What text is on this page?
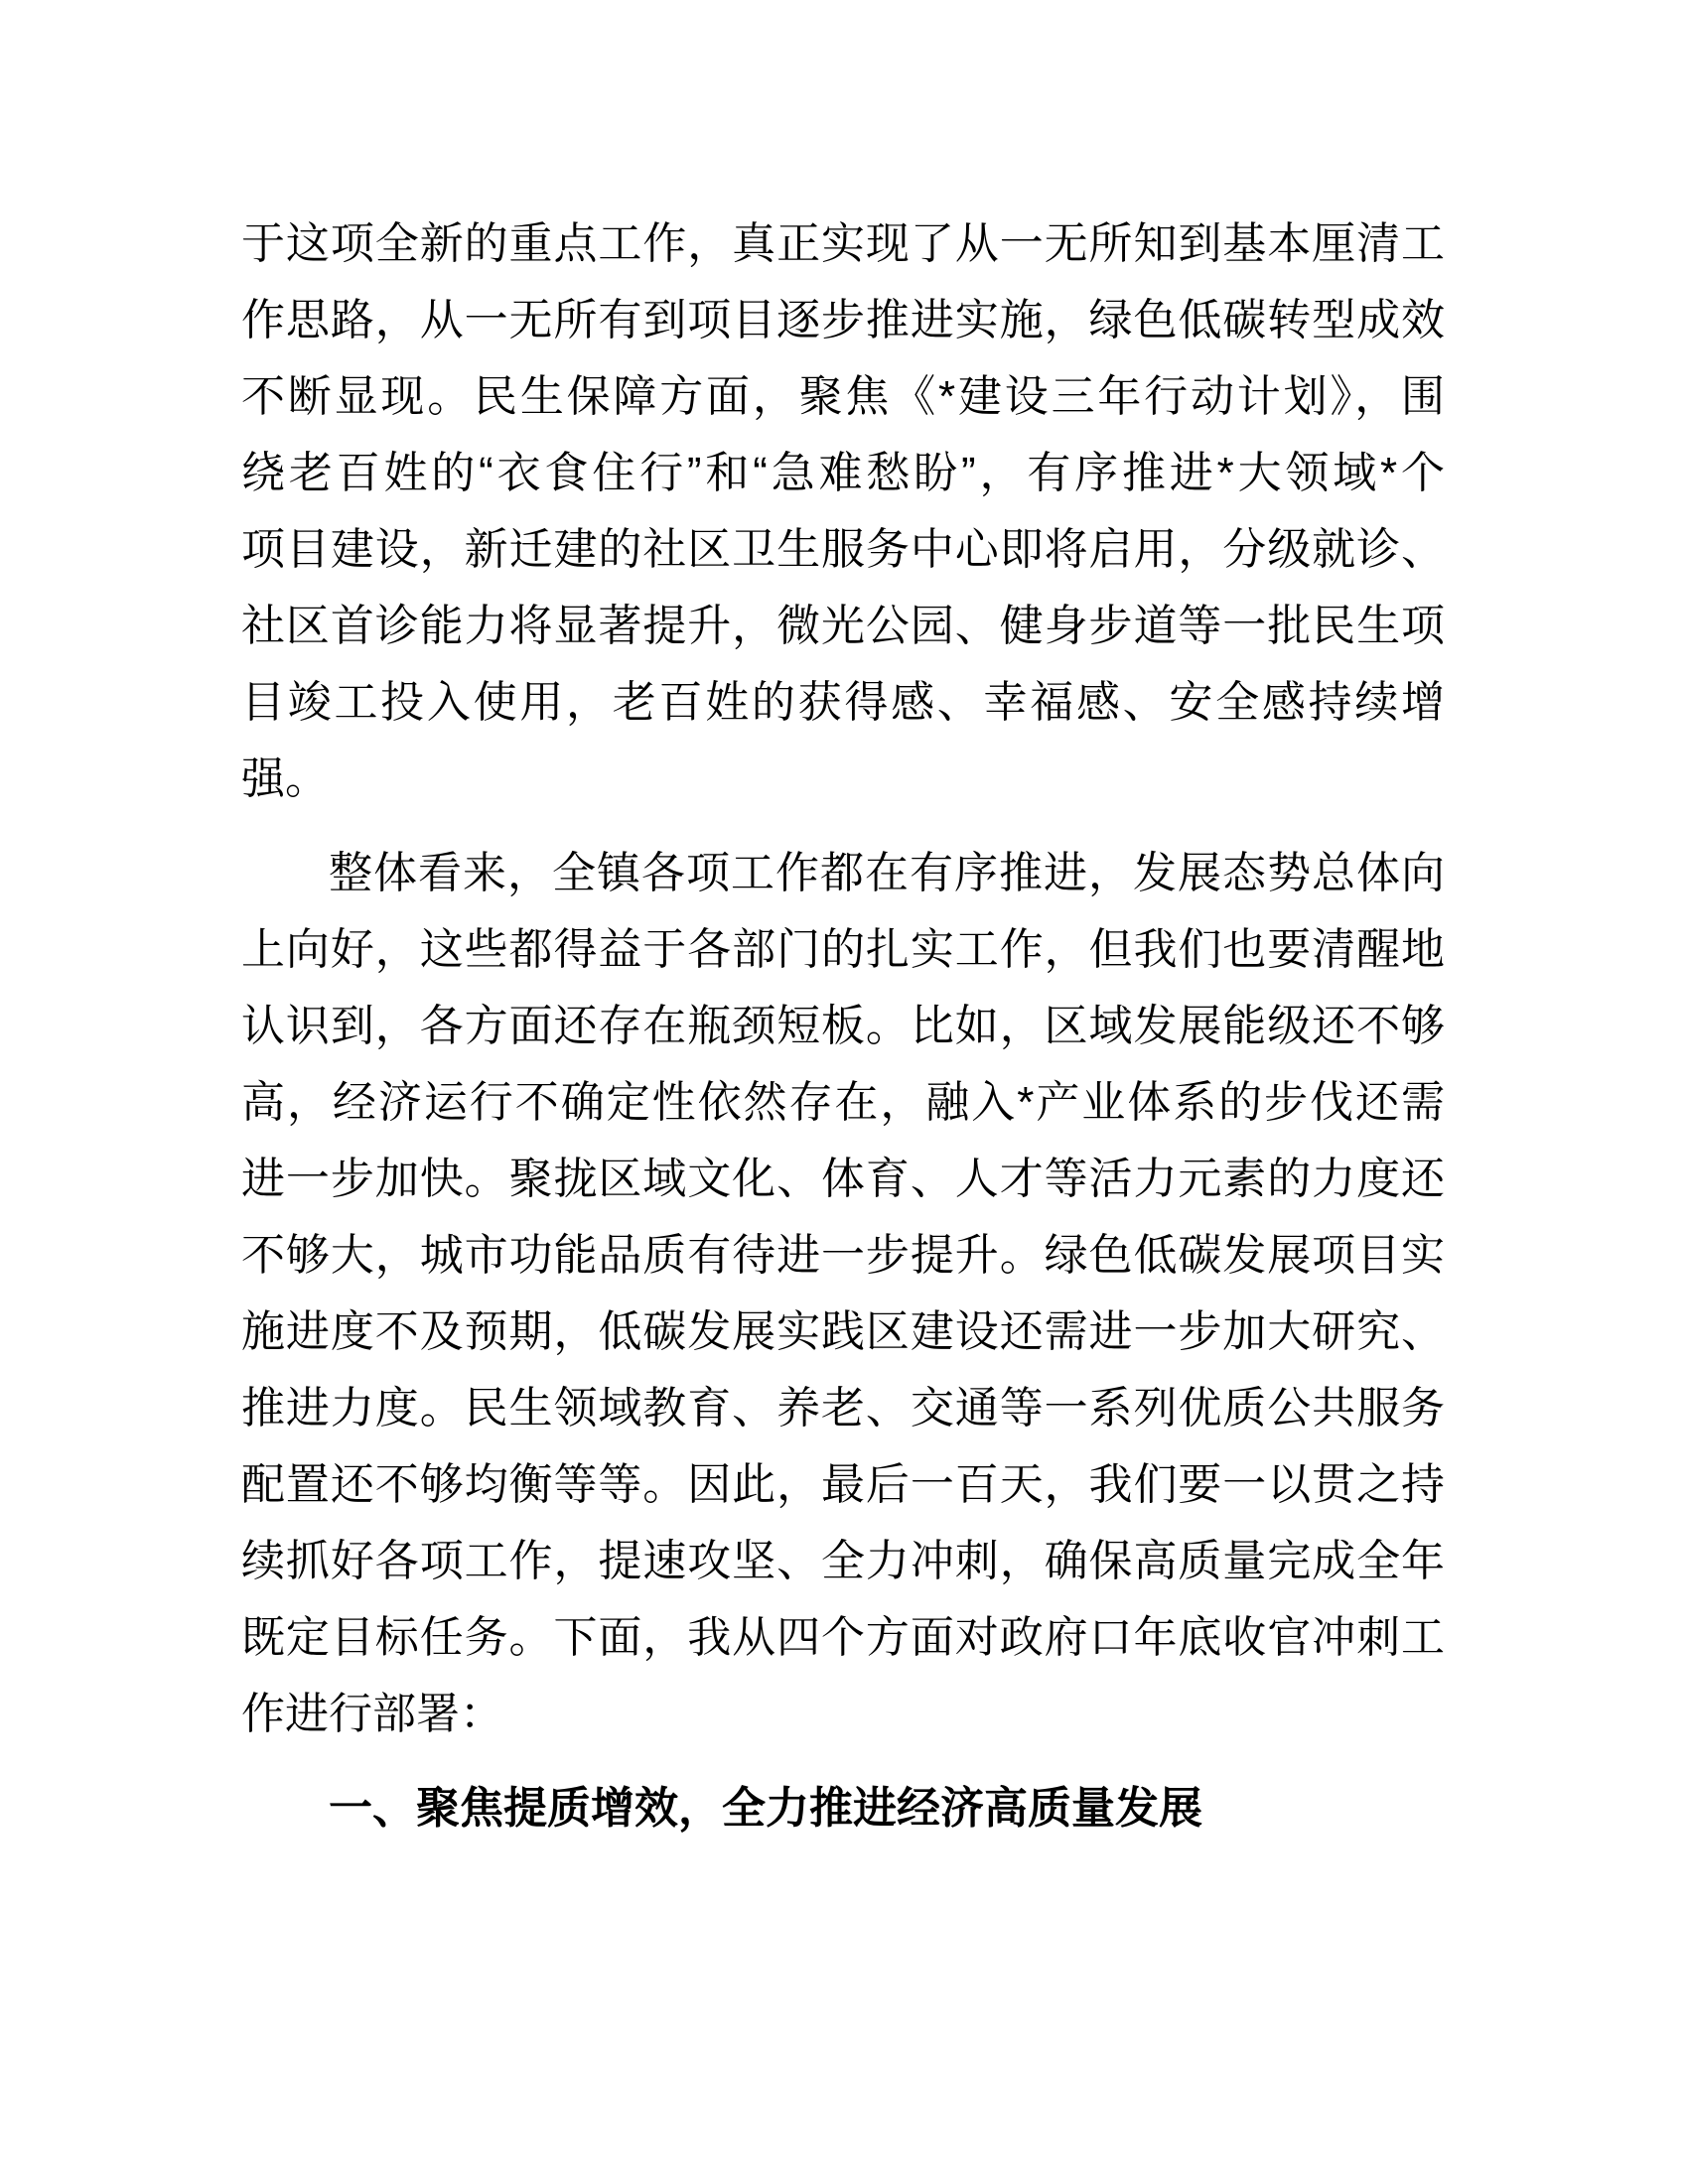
于这项全新的重点工作，真正实现了从一无所知到基本厘清工
作思路，从一无所有到项目逐步推进实施，绿色低碳转型成效
不断显现。民生保障方面，聚焦《*建设三年行动计划》，围
绕老百姓的“衣食住行”和“急难愁盼”，有序推进*大领域*个
项目建设，新迁建的社区卫生服务中心即将启用，分级就诊、
社区首诊能力将显著提升，微光公园、健身步道等一批民生项
目竣工投入使用，老百姓的获得感、幸福感、安全感持续增
强。
整体看来，全镇各项工作都在有序推进，发展态势总体向
上向好，这些都得益于各部门的扎实工作，但我们也要清醒地
认识到，各方面还存在瓶颈短板。比如，区域发展能级还不够
高，经济运行不确定性依然存在，融入*产业体系的步伐还需
进一步加快。聚拢区域文化、体育、人才等活力元素的力度还
不够大，城市功能品质有待进一步提升。绿色低碳发展项目实
施进度不及预期，低碳发展实践区建设还需进一步加大研究、
推进力度。民生领域教育、养老、交通等一系列优质公共服务
配置还不够均衡等等。因此，最后一百天，我们要一以贯之持
续抓好各项工作，提速攻坚、全力冲刺，确保高质量完成全年
既定目标任务。下面，我从四个方面对政府口年底收官冲刺工
作进行部署：
一、聚焦提质增效，全力推进经济高质量发展
